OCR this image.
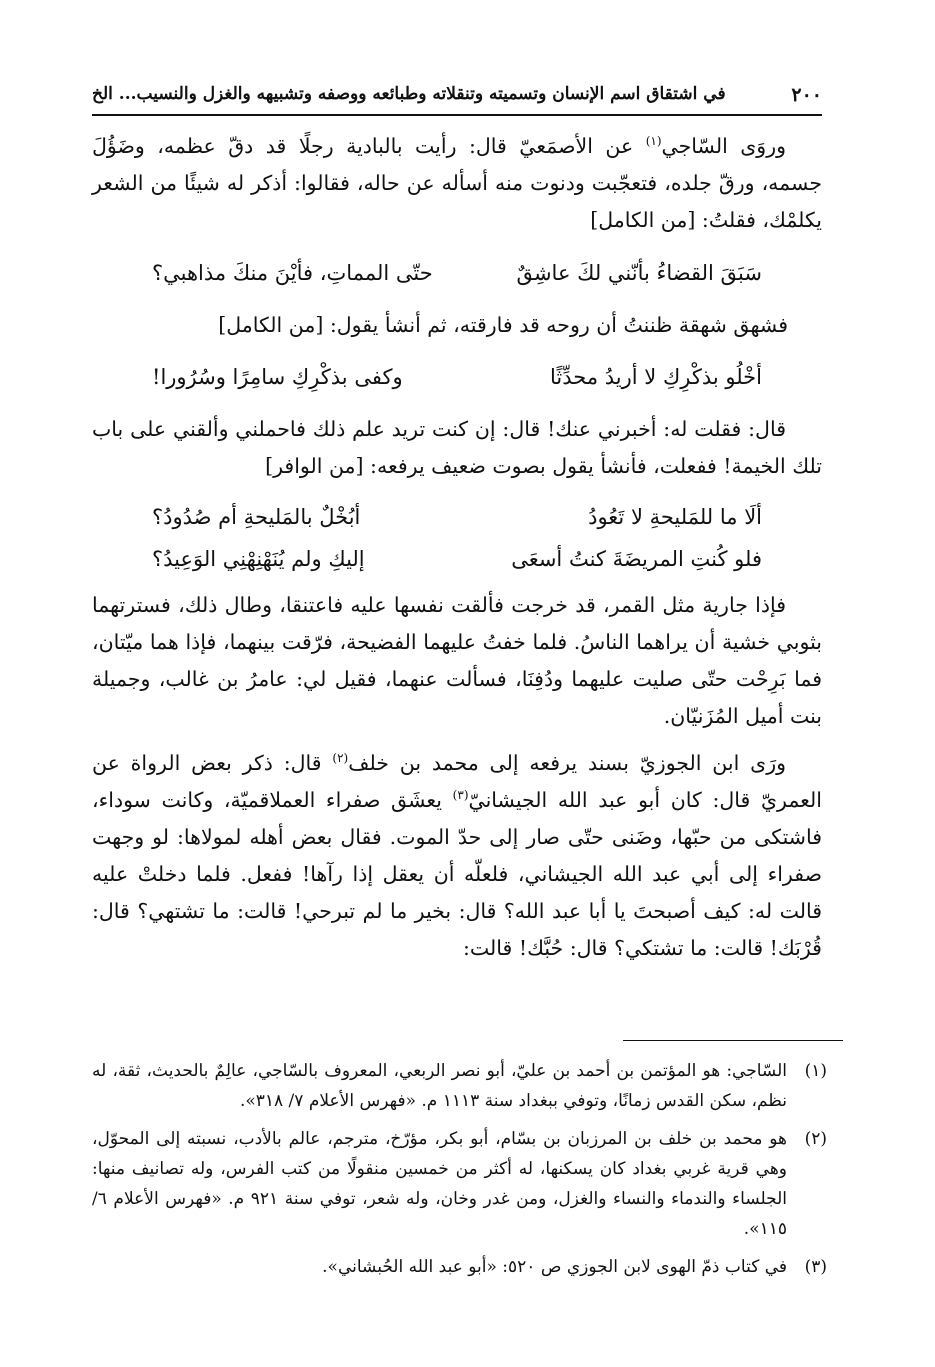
٢٠٠
في اشتقاق اسم الإنسان وتسميته وتنقلاته وطبائعه ووصفه وتشبيهه والغزل والنسيب... الخ

وروَى السّاجي$^{(١)}$ عن الأصمَعيّ قال: رأيت بالبادية رجلًا قد دقّ عظمه، وضَؤُلَ جسمه، ورقّ جلده، فتعجّبت ودنوت منه أسأله عن حاله، فقالوا: أذكر له شيئًا من الشعر يكلمْك، فقلتُ: [من الكامل]

سَبَقَ القضاءُ بأنّني لكَ عاشِقٌ
حتّى المماتِ، فأيْنَ منكَ مذاهبي؟

فشهق شهقة ظننتُ أن روحه قد فارقته، ثم أنشأ يقول: [من الكامل]

أخْلُو بذكْرِكِ لا أريدُ محدِّثًا
وكفى بذكْرِكِ سامِرًا وسُرُورا!

قال: فقلت له: أخبرني عنك! قال: إن كنت تريد علم ذلك فاحملني وألقني على باب تلك الخيمة! ففعلت، فأنشأ يقول بصوت ضعيف يرفعه: [من الوافر]

ألَا ما للمَليحةِ لا تَعُودُ
أبُخْلٌ بالمَليحةِ أم صُدُودُ؟
فلو كُنتِ المريضَةَ كنتُ أسعَى
إليكِ ولم يُنَهْنِهْنِي الوَعِيدُ؟

فإذا جارية مثل القمر، قد خرجت فألقت نفسها عليه فاعتنقا، وطال ذلك، فسترتهما بثوبي خشية أن يراهما الناسُ. فلما خفتُ عليهما الفضيحة، فرّقت بينهما، فإذا هما ميّتان، فما بَرِحْت حتّى صليت عليهما ودُفِنَا، فسألت عنهما، فقيل لي: عامرُ بن غالب، وجميلة بنت أميل المُزَنيّان.

ورَى ابن الجوزيّ بسند يرفعه إلى محمد بن خلف$^{(٢)}$ قال: ذكر بعض الرواة عن العمريّ قال: كان أبو عبد الله الجيشانيّ$^{(٣)}$ يعشَق صفراء العملاقميّة، وكانت سوداء، فاشتكى من حبّها، وضَنى حتّى صار إلى حدّ الموت. فقال بعض أهله لمولاها: لو وجهت صفراء إلى أبي عبد الله الجيشاني، فلعلّه أن يعقل إذا رآها! ففعل. فلما دخلتْ عليه قالت له: كيف أصبحتَ يا أبا عبد الله؟ قال: بخير ما لم تبرحي! قالت: ما تشتهي؟ قال: قُرْبَك! قالت: ما تشتكي؟ قال: حُبَّك! قالت:

(١)
السّاجي: هو المؤتمن بن أحمد بن عليّ، أبو نصر الربعي، المعروف بالسّاجي، عالِمٌ بالحديث، ثقة، له نظم، سكن القدس زمانًا، وتوفي ببغداد سنة ١١١٣ م. «فهرس الأعلام ٧/ ٣١٨».
(٢)
هو محمد بن خلف بن المرزبان بن بسّام، أبو بكر، مؤرّخ، مترجم، عالم بالأدب، نسبته إلى المحوّل، وهي قرية غربي بغداد كان يسكنها، له أكثر من خمسين منقولًا من كتب الفرس، وله تصانيف منها: الجلساء والندماء والنساء والغزل، ومن غدر وخان، وله شعر، توفي سنة ٩٢١ م. «فهرس الأعلام ٦/ ١١٥».
(٣)
في كتاب ذمّ الهوى لابن الجوزي ص ٥٢٠: «أبو عبد الله الحُبشاني».
